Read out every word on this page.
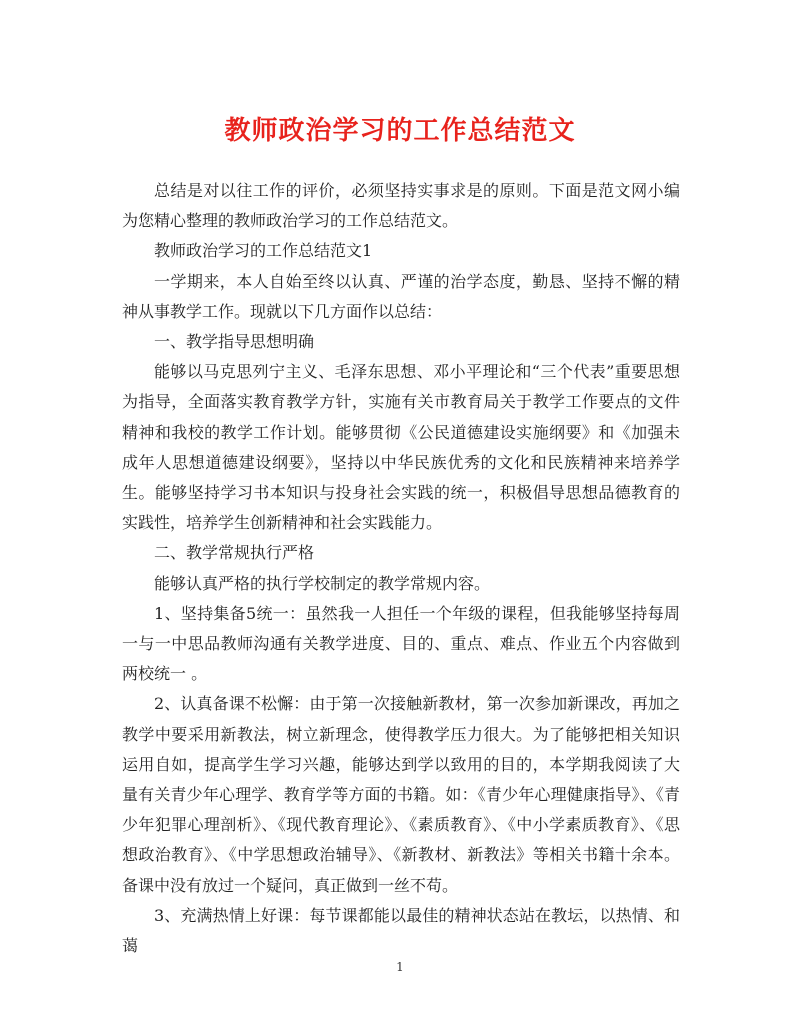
教师政治学习的工作总结范文

总结是对以往工作的评价，必须坚持实事求是的原则。下面是范文网小编为您精心整理的教师政治学习的工作总结范文。

教师政治学习的工作总结范文1

一学期来，本人自始至终以认真、严谨的治学态度，勤恳、坚持不懈的精神从事教学工作。现就以下几方面作以总结：

一、教学指导思想明确

能够以马克思列宁主义、毛泽东思想、邓小平理论和“三个代表”重要思想为指导，全面落实教育教学方针，实施有关市教育局关于教学工作要点的文件精神和我校的教学工作计划。能够贯彻《公民道德建设实施纲要》和《加强未成年人思想道德建设纲要》，坚持以中华民族优秀的文化和民族精神来培养学生。能够坚持学习书本知识与投身社会实践的统一，积极倡导思想品德教育的实践性，培养学生创新精神和社会实践能力。

二、教学常规执行严格

能够认真严格的执行学校制定的教学常规内容。

1、坚持集备5统一：虽然我一人担任一个年级的课程，但我能够坚持每周一与一中思品教师沟通有关教学进度、目的、重点、难点、作业五个内容做到两校统一 。

2、认真备课不松懈：由于第一次接触新教材，第一次参加新课改，再加之教学中要采用新教法，树立新理念，使得教学压力很大。为了能够把相关知识运用自如，提高学生学习兴趣，能够达到学以致用的目的，本学期我阅读了大量有关青少年心理学、教育学等方面的书籍。如：《青少年心理健康指导》、《青少年犯罪心理剖析》、《现代教育理论》、《素质教育》、《中小学素质教育》、《思想政治教育》、《中学思想政治辅导》、《新教材、新教法》等相关书籍十余本。备课中没有放过一个疑问，真正做到一丝不苟。

3、充满热情上好课：每节课都能以最佳的精神状态站在教坛，以热情、和蔼

1
